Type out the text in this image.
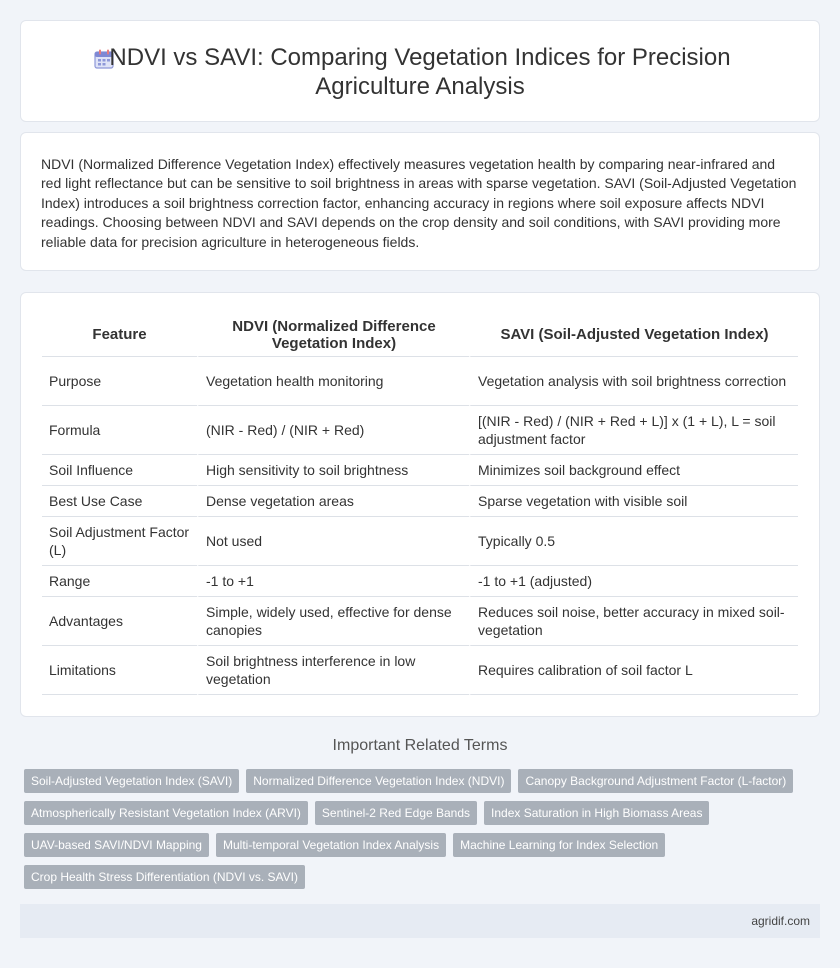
NDVI vs SAVI: Comparing Vegetation Indices for Precision
Agriculture Analysis

NDVI (Normalized Difference Vegetation Index) effectively measures vegetation health by comparing near-infrared and red light reflectance but can be sensitive to soil brightness in areas with sparse vegetation. SAVI (Soil-Adjusted Vegetation Index) introduces a soil brightness correction factor, enhancing accuracy in regions where soil exposure affects NDVI readings. Choosing between NDVI and SAVI depends on the crop density and soil conditions, with SAVI providing more reliable data for precision agriculture in heterogeneous fields.

Feature	NDVI (Normalized Difference Vegetation Index)	SAVI (Soil-Adjusted Vegetation Index)
Purpose	Vegetation health monitoring	Vegetation analysis with soil brightness correction
Formula	(NIR - Red) / (NIR + Red)	[(NIR - Red) / (NIR + Red + L)] x (1 + L), L = soil adjustment factor
Soil Influence	High sensitivity to soil brightness	Minimizes soil background effect
Best Use Case	Dense vegetation areas	Sparse vegetation with visible soil
Soil Adjustment Factor (L)	Not used	Typically 0.5
Range	-1 to +1	-1 to +1 (adjusted)
Advantages	Simple, widely used, effective for dense canopies	Reduces soil noise, better accuracy in mixed soil-vegetation
Limitations	Soil brightness interference in low vegetation	Requires calibration of soil factor L
Important Related Terms
Soil-Adjusted Vegetation Index (SAVI)	Normalized Difference Vegetation Index (NDVI)	Canopy Background Adjustment Factor (L-factor)
Atmospherically Resistant Vegetation Index (ARVI)	Sentinel-2 Red Edge Bands	Index Saturation in High Biomass Areas
UAV-based SAVI/NDVI Mapping	Multi-temporal Vegetation Index Analysis	Machine Learning for Index Selection
Crop Health Stress Differentiation (NDVI vs. SAVI)
agridif.com
